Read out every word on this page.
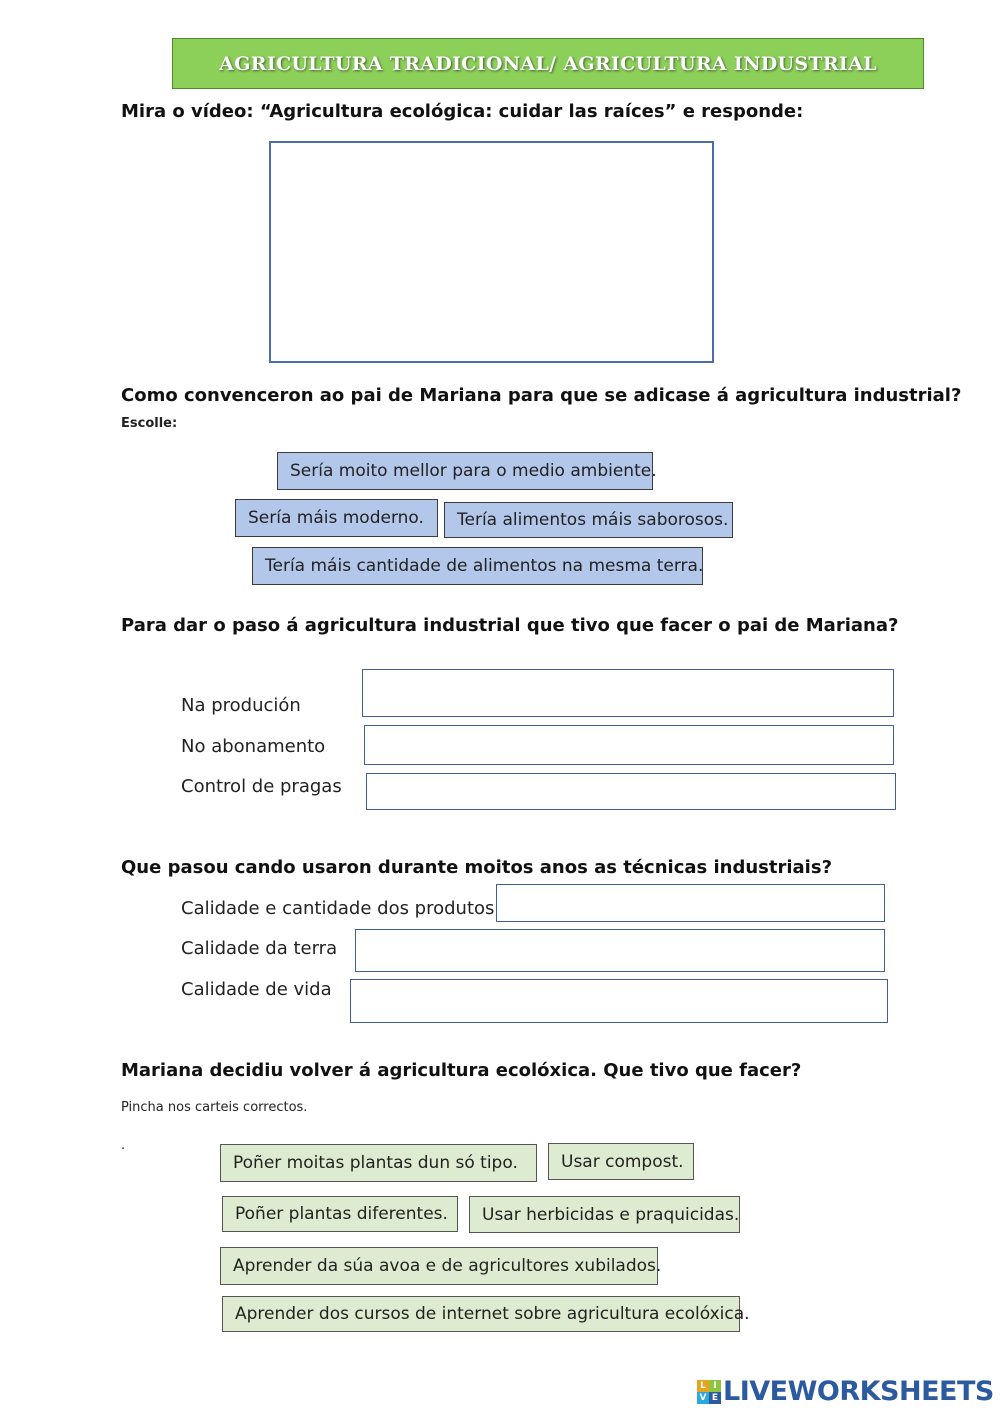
AGRICULTURA TRADICIONAL/ AGRICULTURA INDUSTRIAL
Mira o vídeo: “Agricultura ecológica: cuidar las raíces” e responde:
Como convenceron ao pai de Mariana para que se adicase á agricultura industrial?
Escolle:
Sería moito mellor para o medio ambiente.
Sería máis moderno.	Tería alimentos máis saborosos.
Tería máis cantidade de alimentos na mesma terra.
Para dar o paso á agricultura industrial que tivo que facer o pai de Mariana?
Na produción
No abonamento
Control de pragas
Que pasou cando usaron durante moitos anos as técnicas industriais?
Calidade e cantidade dos produtos
Calidade da terra
Calidade de vida
Mariana decidiu volver á agricultura ecolóxica. Que tivo que facer?
Pincha nos carteis correctos.
.
Poñer moitas plantas dun só tipo.	Usar compost.
Poñer plantas diferentes.	Usar herbicidas e praquicidas.
Aprender da súa avoa e de agricultores xubilados.
Aprender dos cursos de internet sobre agricultura ecolóxica.
L I
V E LIVEWORKSHEETS
